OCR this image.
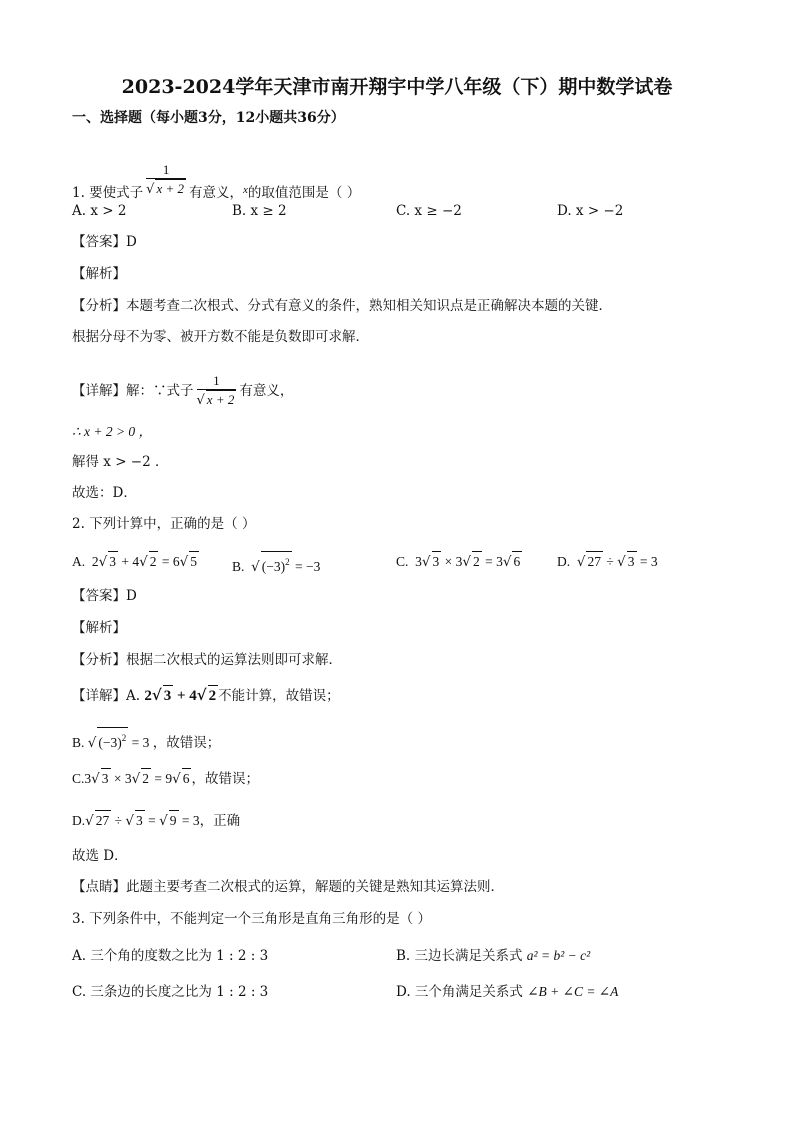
2023-2024学年天津市南开翔宇中学八年级（下）期中数学试卷
一、选择题（每小题3分，12小题共36分）
1. 要使式子 $\frac{1}{√ x + 2}$ 有意义，$^x$的取值范围是（ ）
A. x > 2	B. x ≥ 2	C. x ≥ −2	D. x > −2
【答案】D
【解析】
【分析】本题考查二次根式、分式有意义的条件，熟知相关知识点是正确解决本题的关键．
根据分母不为零、被开方数不能是负数即可求解．
【详解】解：∵式子 $\frac{1}{√ x + 2}$ 有意义，
∴ x + 2 > 0 ，
解得 x > −2 ．
故选：D．
2. 下列计算中，正确的是（ ）
A. 2√ 3 + 4√ 2 = 6√ 5	B. √ $(-3)^2 = -3$	C. 3√ 3 × 3√ 2 = 3√ 6	D. √ 27 ÷ √ 3 = 3
【答案】D
【解析】
【分析】根据二次根式的运算法则即可求解．
【详解】A. 2√ 3 + 4√ 2 不能计算，故错误；
B. √ $(-3)^2 = 3$ ，故错误；
C.3√ 3 × 3√ 2 = 9√ 6 ，故错误；
D.√ 27 ÷ √ 3 = √ 9 = 3，正确
故选 D．
【点睛】此题主要考查二次根式的运算，解题的关键是熟知其运算法则．
3. 下列条件中，不能判定一个三角形是直角三角形的是（ ）
A. 三个角的度数之比为 1 : 2 : 3	B. 三边长满足关系式 a² = b² − c²
C. 三条边的长度之比为 1 : 2 : 3	D. 三个角满足关系式 ∠B + ∠C = ∠A
